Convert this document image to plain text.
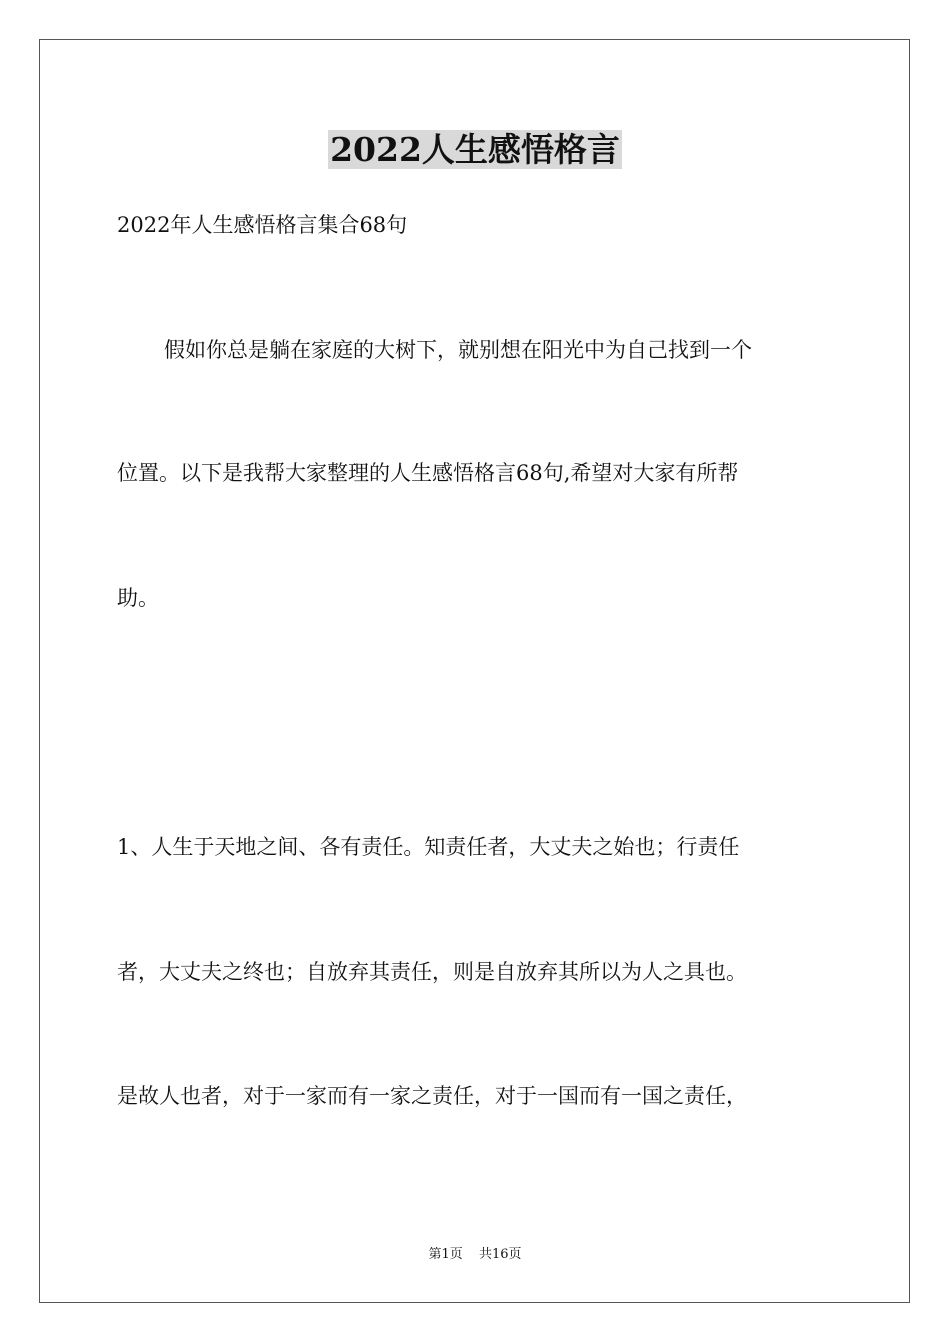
2022人生感悟格言

2022年人生感悟格言集合68句

假如你总是躺在家庭的大树下，就别想在阳光中为自己找到一个

位置。以下是我帮大家整理的人生感悟格言68句,希望对大家有所帮

助。

1、人生于天地之间、各有责任。知责任者，大丈夫之始也；行责任

者，大丈夫之终也；自放弃其责任，则是自放弃其所以为人之具也。

是故人也者，对于一家而有一家之责任，对于一国而有一国之责任，

第1页 共16页
